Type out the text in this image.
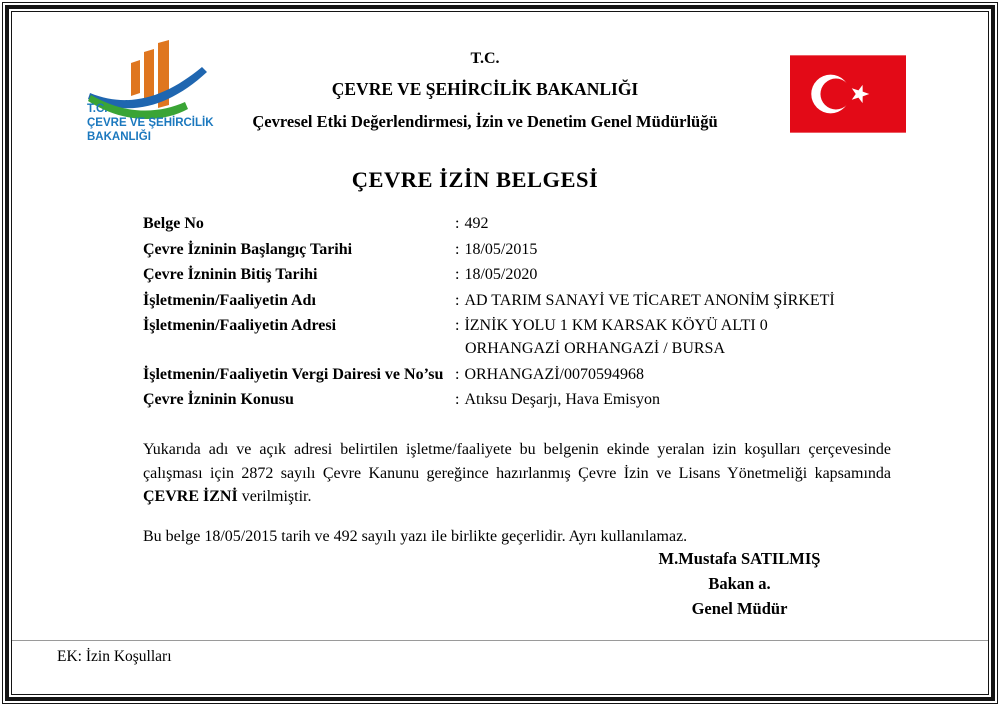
T.C.
ÇEVRE VE ŞEHİRCİLİK
BAKANLIĞI
T.C.
ÇEVRE VE ŞEHİRCİLİK BAKANLIĞI
Çevresel Etki Değerlendirmesi, İzin ve Denetim Genel Müdürlüğü
ÇEVRE İZİN BELGESİ
Belge No	: 492
Çevre İzninin Başlangıç Tarihi	: 18/05/2015
Çevre İzninin Bitiş Tarihi	: 18/05/2020
İşletmenin/Faaliyetin Adı	: AD TARIM SANAYİ VE TİCARET ANONİM ŞİRKETİ
İşletmenin/Faaliyetin Adresi	: İZNİK YOLU 1 KM KARSAK KÖYÜ ALTI 0
ORHANGAZİ ORHANGAZİ / BURSA
İşletmenin/Faaliyetin Vergi Dairesi ve No’su : ORHANGAZİ/0070594968
Çevre İzninin Konusu	: Atıksu Deşarjı, Hava Emisyon

Yukarıda adı ve açık adresi belirtilen işletme/faaliyete bu belgenin ekinde yeralan izin koşulları çerçevesinde çalışması için 2872 sayılı Çevre Kanunu gereğince hazırlanmış Çevre İzin ve Lisans Yönetmeliği kapsamında ÇEVRE İZNİ verilmiştir.

Bu belge 18/05/2015 tarih ve 492 sayılı yazı ile birlikte geçerlidir. Ayrı kullanılamaz.

M.Mustafa SATILMIŞ
Bakan a.
Genel Müdür
EK: İzin Koşulları
